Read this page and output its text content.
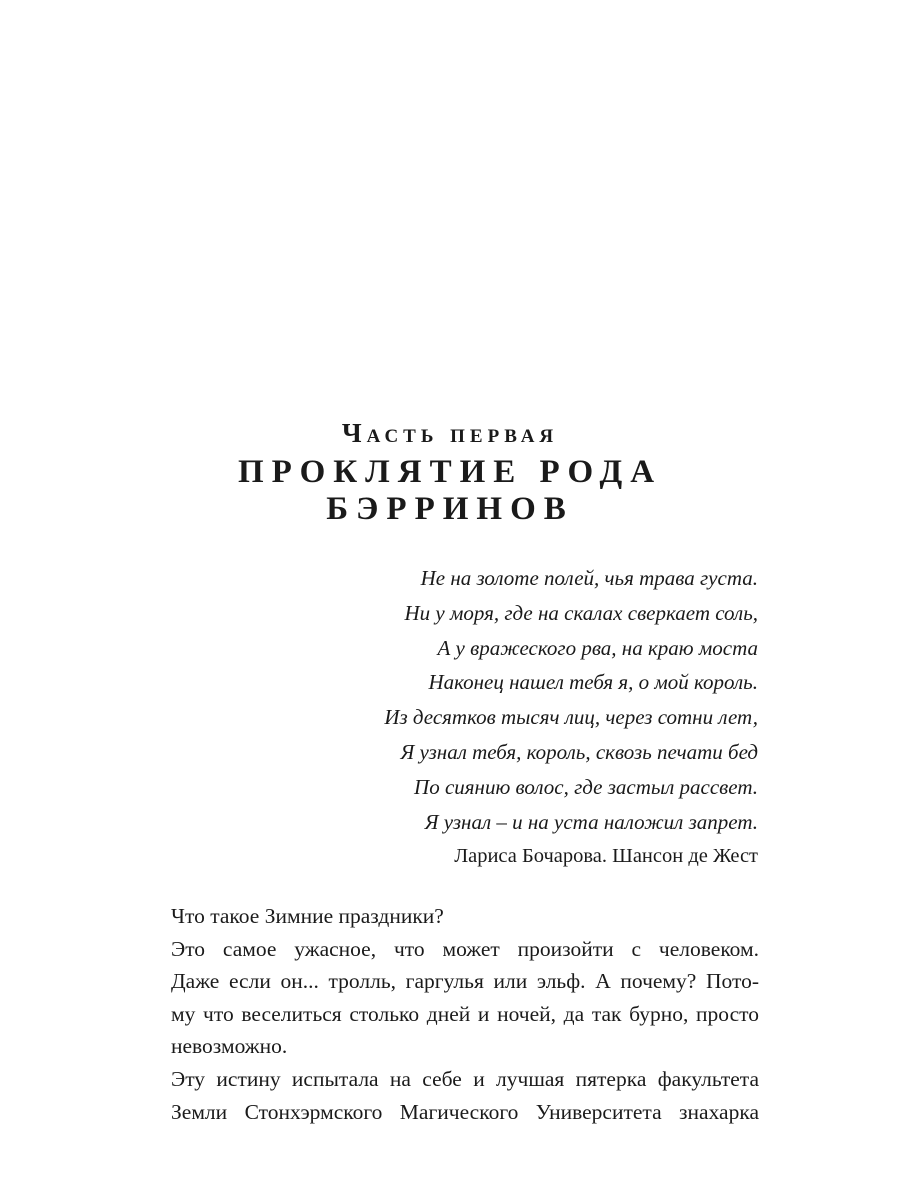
Часть первая
ПРОКЛЯТИЕ РОДА
БЭРРИНОВ
Не на золоте полей, чья трава густа.
Ни у моря, где на скалах сверкает соль,
А у вражеского рва, на краю моста
Наконец нашел тебя я, о мой король.
Из десятков тысяч лиц, через сотни лет,
Я узнал тебя, король, сквозь печати бед
По сиянию волос, где застыл рассвет.
Я узнал – и на уста наложил запрет.
Лариса Бочарова. Шансон де Жест
Что такое Зимние праздники?
Это самое ужасное, что может произойти с человеком.
Даже если он... тролль, гаргулья или эльф. А почему? Пото-
му что веселиться столько дней и ночей, да так бурно, просто
невозможно.
Эту истину испытала на себе и лучшая пятерка факультета
Земли Стонхэрмского Магического Университета знахарка
